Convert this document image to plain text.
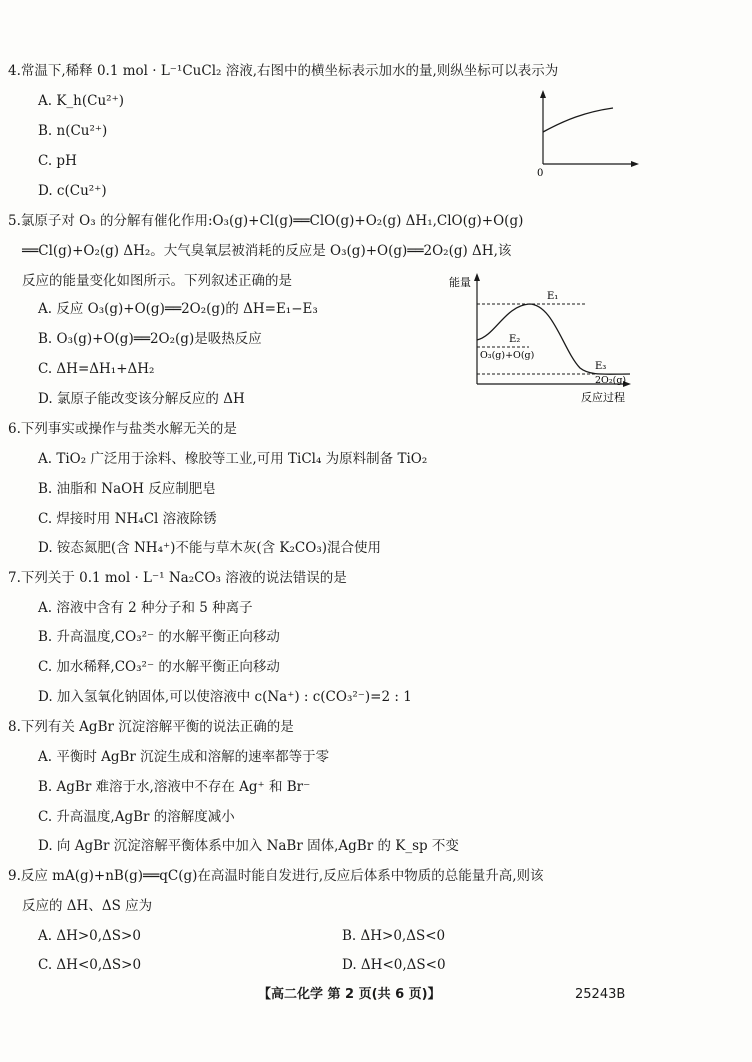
4.常温下,稀释 0.1 mol · L⁻¹CuCl₂ 溶液,右图中的横坐标表示加水的量,则纵坐标可以表示为
A. K_h(Cu²⁺)
B. n(Cu²⁺)
C. pH
D. c(Cu²⁺)
0
5.氯原子对 O₃ 的分解有催化作用:O₃(g)+Cl(g)══ClO(g)+O₂(g) ΔH₁,ClO(g)+O(g)
══Cl(g)+O₂(g) ΔH₂。大气臭氧层被消耗的反应是 O₃(g)+O(g)══2O₂(g) ΔH,该
反应的能量变化如图所示。下列叙述正确的是
A. 反应 O₃(g)+O(g)══2O₂(g)的 ΔH=E₁−E₃
B. O₃(g)+O(g)══2O₂(g)是吸热反应
C. ΔH=ΔH₁+ΔH₂
D. 氯原子能改变该分解反应的 ΔH
能量
E₁
E₂
O₃(g)+O(g)
E₃
2O₂(g)
反应过程
6.下列事实或操作与盐类水解无关的是
A. TiO₂ 广泛用于涂料、橡胶等工业,可用 TiCl₄ 为原料制备 TiO₂
B. 油脂和 NaOH 反应制肥皂
C. 焊接时用 NH₄Cl 溶液除锈
D. 铵态氮肥(含 NH₄⁺)不能与草木灰(含 K₂CO₃)混合使用
7.下列关于 0.1 mol · L⁻¹ Na₂CO₃ 溶液的说法错误的是
A. 溶液中含有 2 种分子和 5 种离子
B. 升高温度,CO₃²⁻ 的水解平衡正向移动
C. 加水稀释,CO₃²⁻ 的水解平衡正向移动
D. 加入氢氧化钠固体,可以使溶液中 c(Na⁺) : c(CO₃²⁻)=2 : 1
8.下列有关 AgBr 沉淀溶解平衡的说法正确的是
A. 平衡时 AgBr 沉淀生成和溶解的速率都等于零
B. AgBr 难溶于水,溶液中不存在 Ag⁺ 和 Br⁻
C. 升高温度,AgBr 的溶解度减小
D. 向 AgBr 沉淀溶解平衡体系中加入 NaBr 固体,AgBr 的 K_sp 不变
9.反应 mA(g)+nB(g)══qC(g)在高温时能自发进行,反应后体系中物质的总能量升高,则该
反应的 ΔH、ΔS 应为
A. ΔH>0,ΔS>0	B. ΔH>0,ΔS<0
C. ΔH<0,ΔS>0	D. ΔH<0,ΔS<0
【高二化学 第 2 页(共 6 页)】	25243B
